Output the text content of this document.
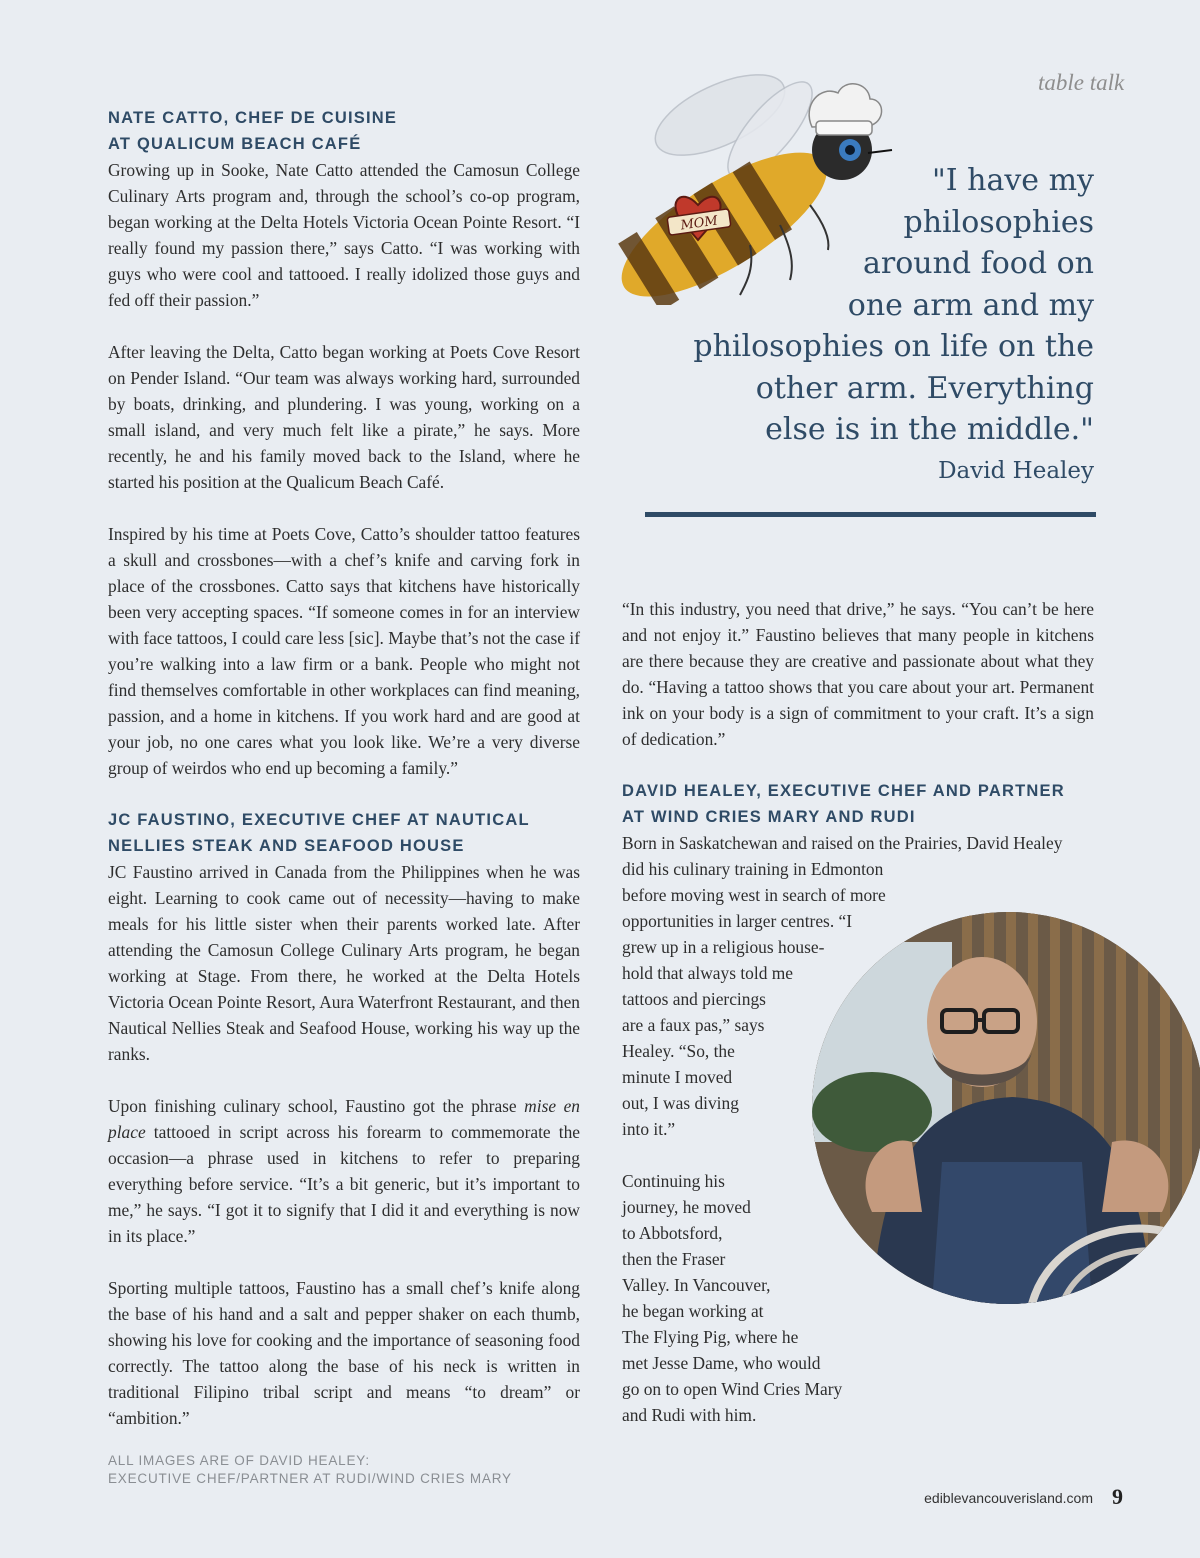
table talk
MOM
"I have my
philosophies
around food on
one arm and my
philosophies on life on the
other arm. Everything
else is in the middle."
David Healey
NATE CATTO, CHEF DE CUISINE
AT QUALICUM BEACH CAFÉ

Growing up in Sooke, Nate Catto attended the Camosun College Culinary Arts program and, through the school’s co-op program, began working at the Delta Hotels Victoria Ocean Pointe Resort. “I really found my passion there,” says Catto. “I was working with guys who were cool and tattooed. I really idolized those guys and fed off their passion.”

After leaving the Delta, Catto began working at Poets Cove Resort on Pender Island. “Our team was always working hard, surrounded by boats, drinking, and plundering. I was young, working on a small island, and very much felt like a pirate,” he says. More recently, he and his family moved back to the Island, where he started his position at the Qualicum Beach Café.

Inspired by his time at Poets Cove, Catto’s shoulder tattoo features a skull and crossbones—with a chef’s knife and carving fork in place of the crossbones. Catto says that kitchens have historically been very accepting spaces. “If someone comes in for an interview with face tattoos, I could care less [sic]. Maybe that’s not the case if you’re walking into a law firm or a bank. People who might not find themselves comfortable in other workplaces can find meaning, passion, and a home in kitchens. If you work hard and are good at your job, no one cares what you look like. We’re a very diverse group of weirdos who end up becoming a family.”

JC FAUSTINO, EXECUTIVE CHEF AT NAUTICAL
NELLIES STEAK AND SEAFOOD HOUSE

JC Faustino arrived in Canada from the Philippines when he was eight. Learning to cook came out of necessity—having to make meals for his little sister when their parents worked late. After attending the Camosun College Culinary Arts program, he began working at Stage. From there, he worked at the Delta Hotels Victoria Ocean Pointe Resort, Aura Waterfront Restaurant, and then Nautical Nellies Steak and Seafood House, working his way up the ranks.

Upon finishing culinary school, Faustino got the phrase mise en place tattooed in script across his forearm to commemorate the occasion—a phrase used in kitchens to refer to preparing everything before service. “It’s a bit generic, but it’s important to me,” he says. “I got it to signify that I did it and everything is now in its place.”

Sporting multiple tattoos, Faustino has a small chef’s knife along the base of his hand and a salt and pepper shaker on each thumb, showing his love for cooking and the importance of seasoning food correctly. The tattoo along the base of his neck is written in traditional Filipino tribal script and means “to dream” or “ambition.”

“In this industry, you need that drive,” he says. “You can’t be here and not enjoy it.” Faustino believes that many people in kitchens are there because they are creative and passionate about what they do. “Having a tattoo shows that you care about your art. Permanent ink on your body is a sign of commitment to your craft. It’s a sign of dedication.”

DAVID HEALEY, EXECUTIVE CHEF AND PARTNER
AT WIND CRIES MARY AND RUDI

Born in Saskatchewan and raised on the Prairies, David Healey

did his culinary training in Edmonton

before moving west in search of more

opportunities in larger centres. “I

grew up in a religious house-

hold that always told me

tattoos and piercings

are a faux pas,” says

Healey. “So, the

minute I moved

out, I was diving

into it.”

Continuing his

journey, he moved

to Abbotsford,

then the Fraser

Valley. In Vancouver,

he began working at

The Flying Pig, where he

met Jesse Dame, who would

go on to open Wind Cries Mary

and Rudi with him.

ALL IMAGES ARE OF DAVID HEALEY:
EXECUTIVE CHEF/PARTNER AT RUDI/WIND CRIES MARY
ediblevancouverisland.com 9
